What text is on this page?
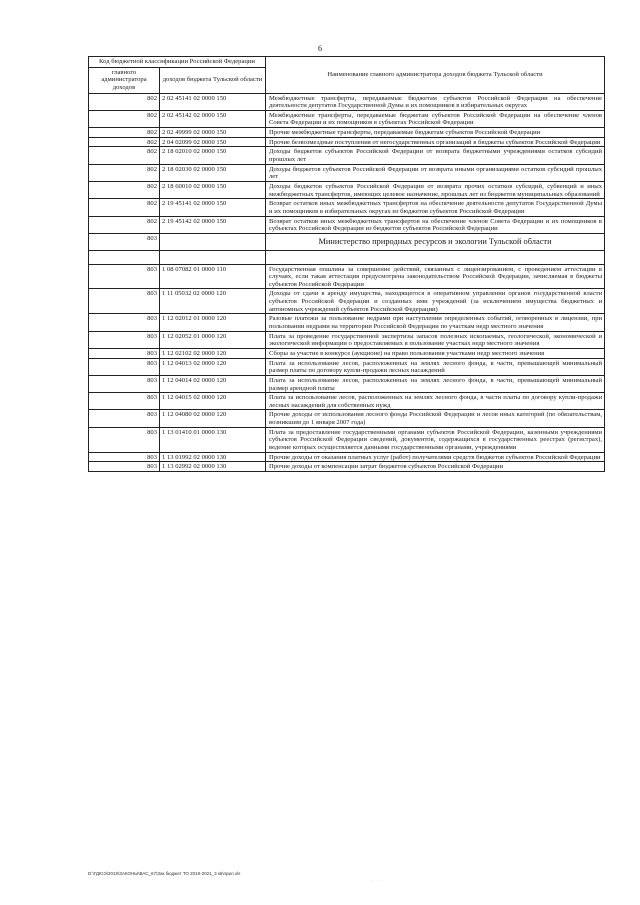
6
Код бюджетной классификации Российской Федерации		Наименование главного администратора доходов бюджета Тульской области
главного администратора доходов	доходов бюджета Тульской области	
802	2 02 45141 02 0000 150	Межбюджетные трансферты, передаваемые бюджетам субъектов Российской Федерации на обеспечение деятельности депутатов Государственной Думы и их помощников в избирательных округах
802	2 02 45142 02 0000 150	Межбюджетные трансферты, передаваемые бюджетам субъектов Российской Федерации на обеспечение членов Совета Федерации и их помощников в субъектах Российской Федерации
802	2 02 49999 02 0000 150	Прочие межбюджетные трансферты, передаваемые бюджетам субъектов Российской Федерации
802	2 04 02099 02 0000 150	Прочие безвозмездные поступления от негосударственных организаций в бюджеты субъектов Российской Федерации
802	2 18 02010 02 0000 150	Доходы бюджетов субъектов Российской Федерации от возврата бюджетными учреждениями остатков субсидий прошлых лет
802	2 18 02030 02 0000 150	Доходы бюджетов субъектов Российской Федерации от возврата иными организациями остатков субсидий прошлых лет
802	2 18 60010 02 0000 150	Доходы бюджетов субъектов Российской Федерации от возврата прочих остатков субсидий, субвенций и иных межбюджетных трансфертов, имеющих целевое назначение, прошлых лет из бюджетов муниципальных образований
802	2 19 45141 02 0000 150	Возврат остатков иных межбюджетных трансфертов на обеспечение деятельности депутатов Государственной Думы и их помощников в избирательных округах из бюджетов субъектов Российской Федерации
802	2 19 45142 02 0000 150	Возврат остатков иных межбюджетных трансфертов на обеспечение членов Совета Федерации и их помощников в субъектах Российской Федерации из бюджетов субъектов Российской Федерации
803		Министерство природных ресурсов и экологии Тульской области

803	1 08 07082 01 0000 110	Государственная пошлина за совершение действий, связанных с лицензированием, с проведением аттестации в случаях, если такая аттестация предусмотрена законодательством Российской Федерации, зачисляемая в бюджеты субъектов Российской Федерации
803	1 11 05032 02 0000 120	Доходы от сдачи в аренду имущества, находящегося в оперативном управлении органов государственной власти субъектов Российской Федерации и созданных ими учреждений (за исключением имущества бюджетных и автономных учреждений субъектов Российской Федерации)
803	1 12 02012 01 0000 120	Разовые платежи за пользование недрами при наступлении определенных событий, оговоренных в лицензии, при пользовании недрами на территории Российской Федерации по участкам недр местного значения
803	1 12 02052 01 0000 120	Плата за проведение государственной экспертизы запасов полезных ископаемых, геологической, экономической и экологической информации о предоставляемых в пользование участках недр местного значения
803	1 12 02102 02 0000 120	Сборы за участие в конкурсе (аукционе) на право пользования участками недр местного значения
803	1 12 04013 02 0000 120	Плата за использование лесов, расположенных на землях лесного фонда, в части, превышающей минимальный размер платы по договору купли-продажи лесных насаждений
803	1 12 04014 02 0000 120	Плата за использование лесов, расположенных на землях лесного фонда, в части, превышающей минимальный размер арендной платы
803	1 12 04015 02 0000 120	Плата за использование лесов, расположенных на землях лесного фонда, в части платы по договору купли-продажи лесных насаждений для собственных нужд
803	1 12 04080 02 0000 120	Прочие доходы от использования лесного фонда Российской Федерации и лесов иных категорий (по обязательствам, возникшим до 1 января 2007 года)
803	1 13 01410 01 0000 130	Плата за предоставление государственными органами субъектов Российской Федерации, казенными учреждениями субъектов Российской Федерации сведений, документов, содержащихся в государственных реестрах (регистрах), ведение которых осуществляется данными государственными органами, учреждениями
803	1 13 01992 02 0000 130	Прочие доходы от оказания платных услуг (работ) получателями средств бюджетов субъектов Российской Федерации
803	1 13 02992 02 0000 130	Прочие доходы от компенсации затрат бюджетов субъектов Российской Федерации
D:\ГДЮЭ\2019\ЗАКОНЫ\ВАС_67\Зак бюджет ТО 2019-2021_3 кв\прил.xls
· · ·
